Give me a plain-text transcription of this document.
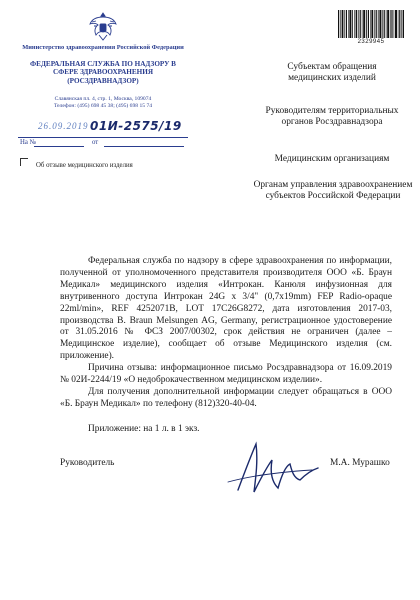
Министерство здравоохранения Российской Федерации
ФЕДЕРАЛЬНАЯ СЛУЖБА ПО НАДЗОРУ В СФЕРЕ ЗДРАВООХРАНЕНИЯ (РОСЗДРАВНАДЗОР)
Славянская пл. 4, стр. 1, Москва, 109074
Телефон: (495) 698 45 38; (495) 698 15 74
26.09.2019 01И-2575/19
На №	от
Об отзыве медицинского изделия
2329945
Субъектам обращения медицинских изделий
Руководителям территориальных органов Росздравнадзора
Медицинским организациям
Органам управления здравоохранением субъектов Российской Федерации

Федеральная служба по надзору в сфере здравоохранения по информации, полученной от уполномоченного представителя производителя ООО «Б. Браун Медикал» медицинского изделия «Интрокан. Канюля инфузионная для внутривенного доступа Интрокан 24G x 3/4" (0,7x19mm) FEP Radio-opaque 22ml/min», REF 4252071B, LOT 17C26G8272, дата изготовления 2017-03, производства B. Braun Melsungen AG, Germany, регистрационное удостоверение от 31.05.2016 № ФСЗ 2007/00302, срок действия не ограничен (далее – Медицинское изделие), сообщает об отзыве Медицинского изделия (см. приложение).

Причина отзыва: информационное письмо Росздравнадзора от 16.09.2019 № 02И-2244/19 «О недоброкачественном медицинском изделии».

Для получения дополнительной информации следует обращаться в ООО «Б. Браун Медикал» по телефону (812)320-40-04.

Приложение: на 1 л. в 1 экз.
Руководитель	М.А. Мурашко
